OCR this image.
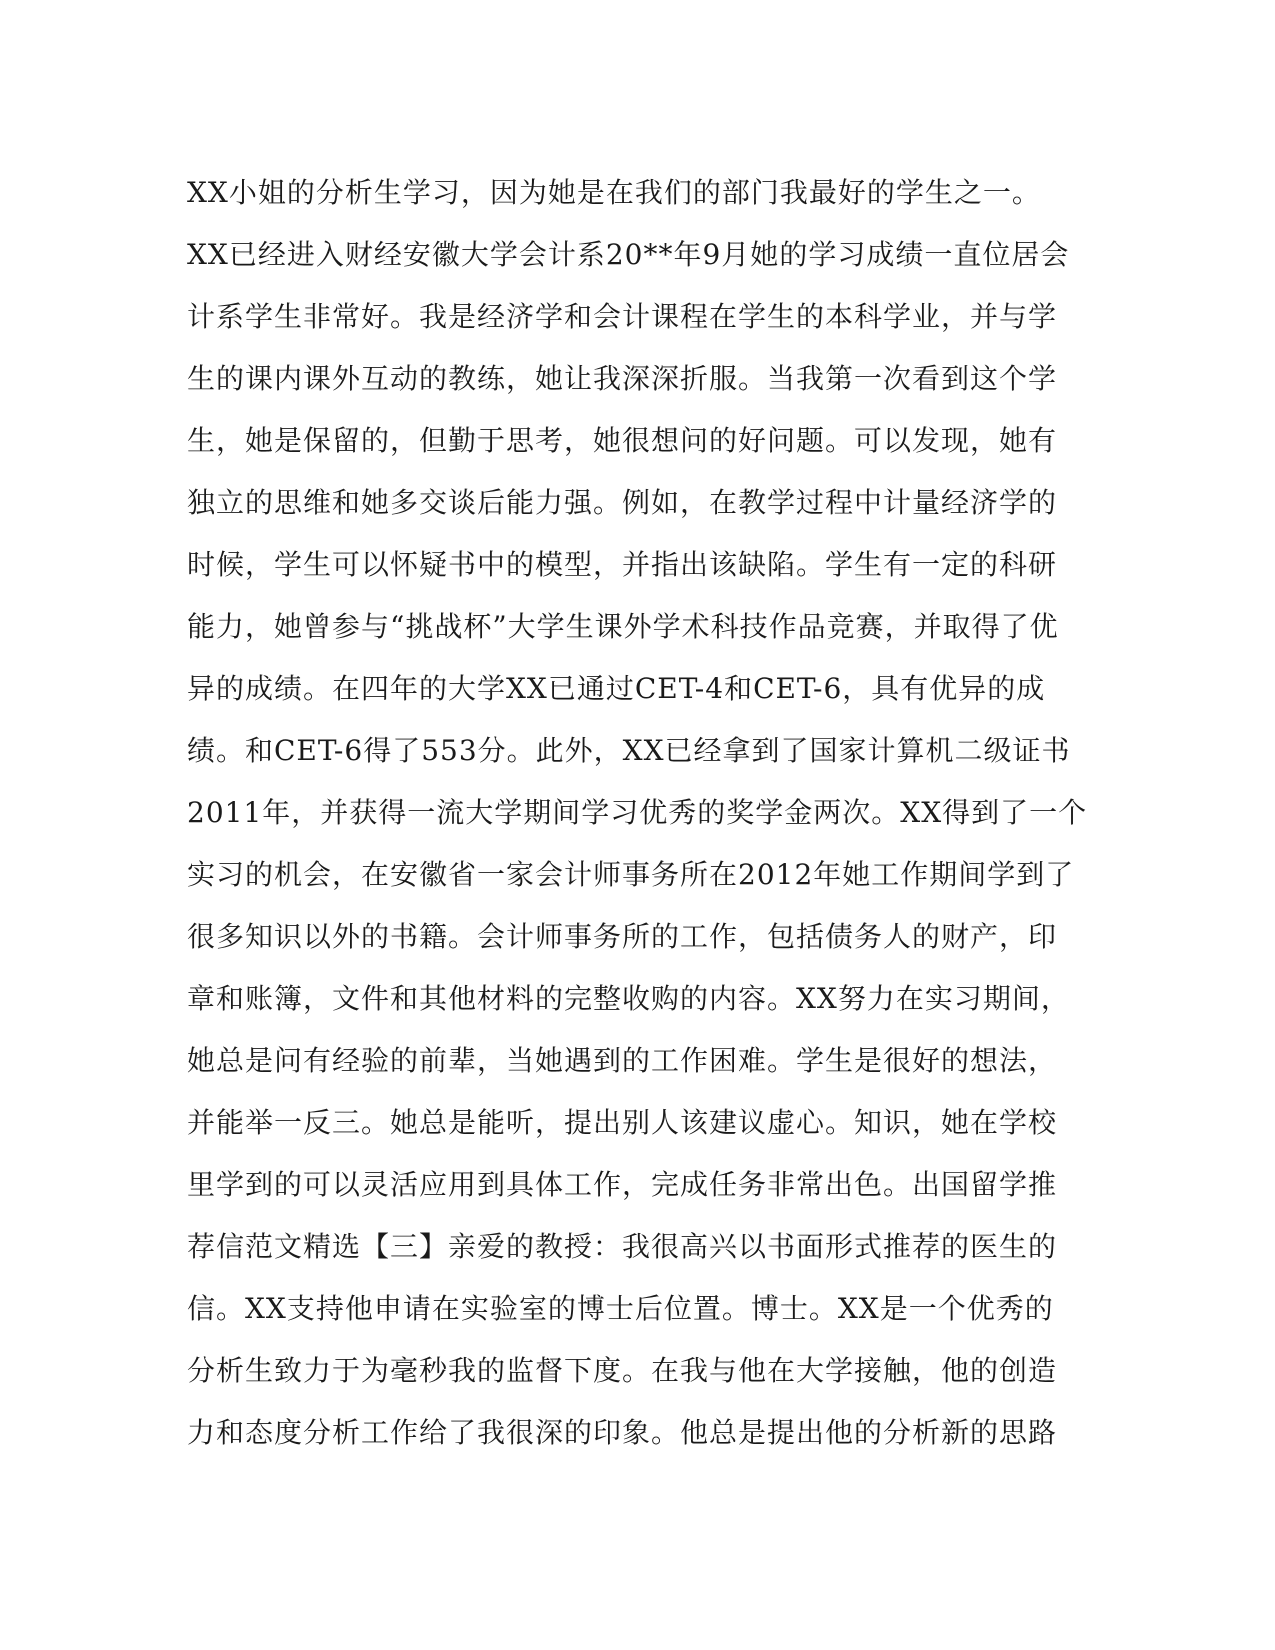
XX小姐的分析生学习，因为她是在我们的部门我最好的学生之一。
XX已经进入财经安徽大学会计系20**年9月她的学习成绩一直位居会
计系学生非常好。我是经济学和会计课程在学生的本科学业，并与学
生的课内课外互动的教练，她让我深深折服。当我第一次看到这个学
生，她是保留的，但勤于思考，她很想问的好问题。可以发现，她有
独立的思维和她多交谈后能力强。例如，在教学过程中计量经济学的
时候，学生可以怀疑书中的模型，并指出该缺陷。学生有一定的科研
能力，她曾参与“挑战杯”大学生课外学术科技作品竞赛，并取得了优
异的成绩。在四年的大学XX已通过CET-4和CET-6，具有优异的成
绩。和CET-6得了553分。此外，XX已经拿到了国家计算机二级证书
2011年，并获得一流大学期间学习优秀的奖学金两次。XX得到了一个
实习的机会，在安徽省一家会计师事务所在2012年她工作期间学到了
很多知识以外的书籍。会计师事务所的工作，包括债务人的财产，印
章和账簿，文件和其他材料的完整收购的内容。XX努力在实习期间，
她总是问有经验的前辈，当她遇到的工作困难。学生是很好的想法，
并能举一反三。她总是能听，提出别人该建议虚心。知识，她在学校
里学到的可以灵活应用到具体工作，完成任务非常出色。出国留学推
荐信范文精选【三】亲爱的教授：我很高兴以书面形式推荐的医生的
信。XX支持他申请在实验室的博士后位置。博士。XX是一个优秀的
分析生致力于为毫秒我的监督下度。在我与他在大学接触，他的创造
力和态度分析工作给了我很深的印象。他总是提出他的分析新的思路
